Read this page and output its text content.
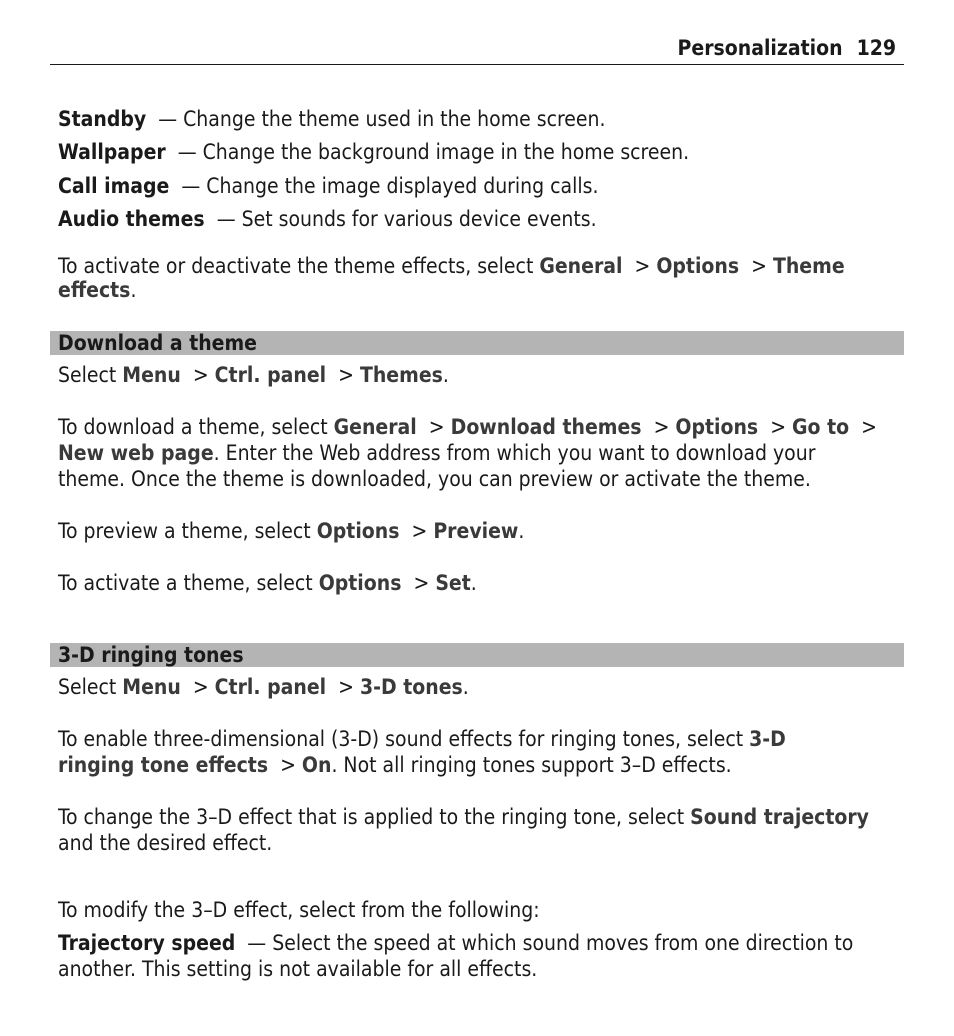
Personalization 129
Standby — Change the theme used in the home screen.
Wallpaper — Change the background image in the home screen.
Call image — Change the image displayed during calls.
Audio themes — Set sounds for various device events.
To activate or deactivate the theme effects, select General > Options > Theme
effects.
Download a theme
Select Menu > Ctrl. panel > Themes.
To download a theme, select General > Download themes > Options > Go to >
New web page. Enter the Web address from which you want to download your
theme. Once the theme is downloaded, you can preview or activate the theme.
To preview a theme, select Options > Preview.
To activate a theme, select Options > Set.
3-D ringing tones
Select Menu > Ctrl. panel > 3-D tones.
To enable three-dimensional (3-D) sound effects for ringing tones, select 3-D
ringing tone effects > On. Not all ringing tones support 3–D effects.
To change the 3–D effect that is applied to the ringing tone, select Sound trajectory
and the desired effect.
To modify the 3–D effect, select from the following:
Trajectory speed  — Select the speed at which sound moves from one direction to
another. This setting is not available for all effects.
